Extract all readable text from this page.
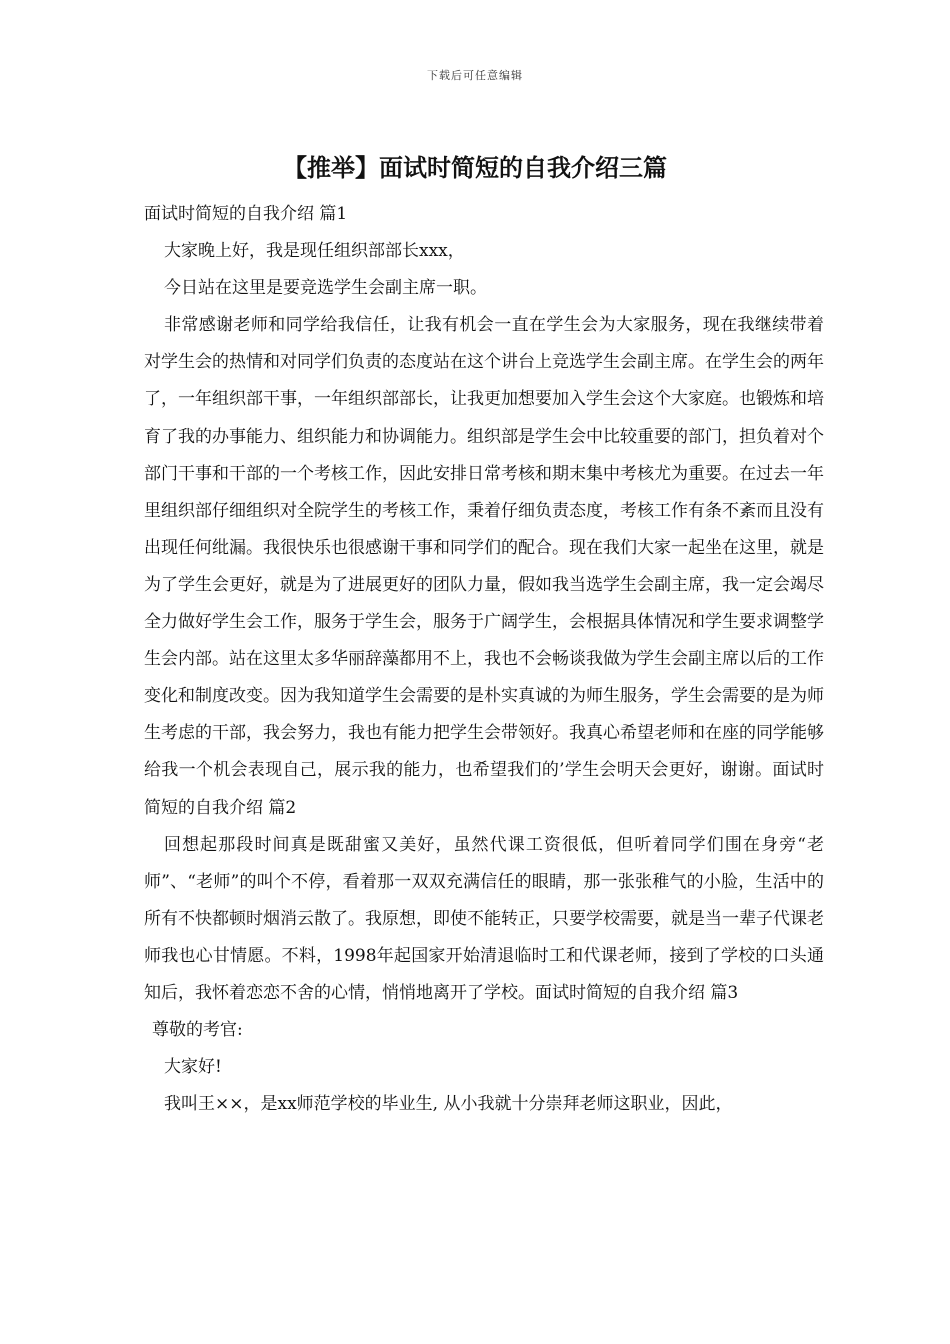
下载后可任意编辑
【推举】面试时简短的自我介绍三篇

面试时简短的自我介绍 篇1

大家晚上好，我是现任组织部部长xxx，

今日站在这里是要竞选学生会副主席一职。

非常感谢老师和同学给我信任，让我有机会一直在学生会为大家服务，现在我继续带着对学生会的热情和对同学们负责的态度站在这个讲台上竞选学生会副主席。在学生会的两年了，一年组织部干事，一年组织部部长，让我更加想要加入学生会这个大家庭。也锻炼和培育了我的办事能力、组织能力和协调能力。组织部是学生会中比较重要的部门，担负着对个部门干事和干部的一个考核工作，因此安排日常考核和期末集中考核尤为重要。在过去一年里组织部仔细组织对全院学生的考核工作，秉着仔细负责态度，考核工作有条不紊而且没有出现任何纰漏。我很快乐也很感谢干事和同学们的配合。现在我们大家一起坐在这里，就是为了学生会更好，就是为了进展更好的团队力量，假如我当选学生会副主席，我一定会竭尽全力做好学生会工作，服务于学生会，服务于广阔学生，会根据具体情况和学生要求调整学生会内部。站在这里太多华丽辞藻都用不上，我也不会畅谈我做为学生会副主席以后的工作变化和制度改变。因为我知道学生会需要的是朴实真诚的为师生服务，学生会需要的是为师生考虑的干部，我会努力，我也有能力把学生会带领好。我真心希望老师和在座的同学能够给我一个机会表现自己，展示我的能力，也希望我们的’学生会明天会更好，谢谢。面试时简短的自我介绍 篇2

回想起那段时间真是既甜蜜又美好，虽然代课工资很低，但听着同学们围在身旁“老师”、“老师”的叫个不停，看着那一双双充满信任的眼睛，那一张张稚气的小脸，生活中的所有不快都顿时烟消云散了。我原想，即使不能转正，只要学校需要，就是当一辈子代课老师我也心甘情愿。不料，1998年起国家开始清退临时工和代课老师，接到了学校的口头通知后，我怀着恋恋不舍的心情，悄悄地离开了学校。面试时简短的自我介绍 篇3

尊敬的考官:

大家好!

我叫王××，是xx师范学校的毕业生, 从小我就十分崇拜老师这职业，因此，
